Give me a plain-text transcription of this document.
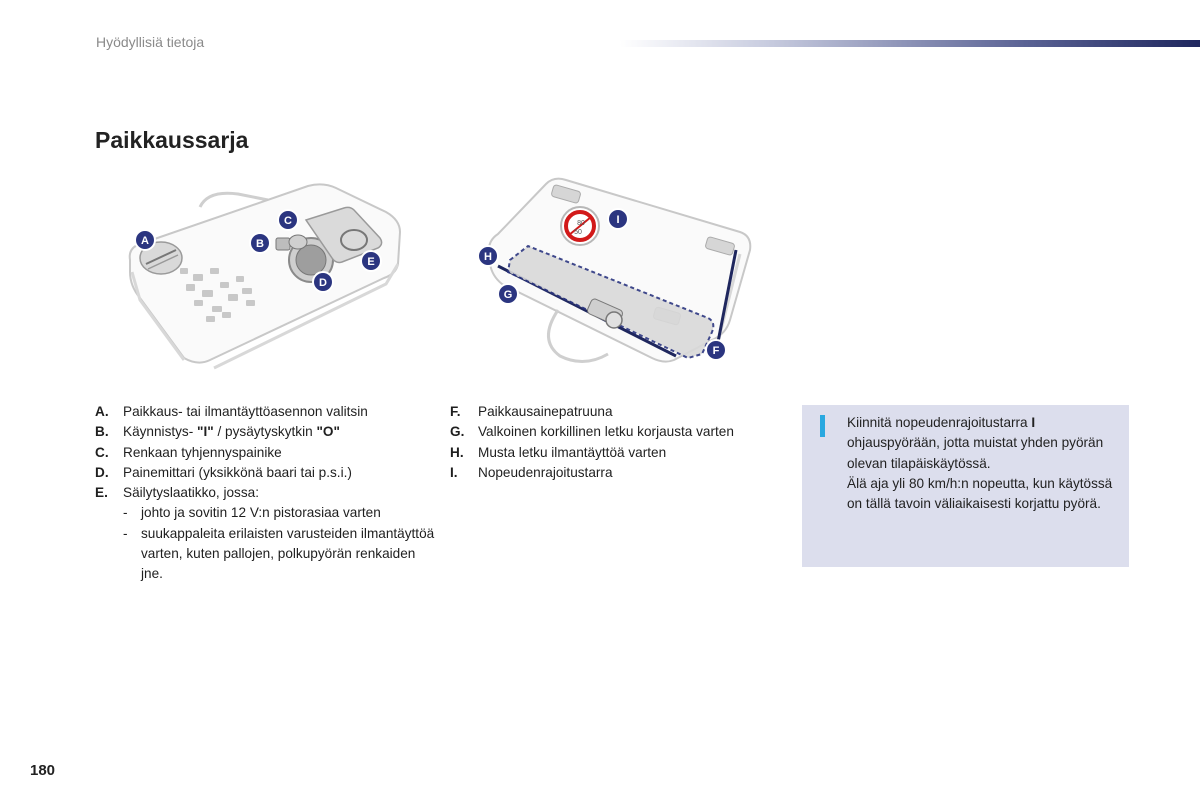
Hyödyllisiä tietoja
Paikkaussarja
A	B
C
D
E
80
50
I
H
G
F
A. Paikkaus- tai ilmantäyttöasennon valitsin
B. Käynnistys- "I" / pysäytyskytkin "O"
C. Renkaan tyhjennyspainike
D. Painemittari (yksikkönä baari tai p.s.i.)
E. Säilytyslaatikko, jossa:
- johto ja sovitin 12 V:n pistorasiaa varten
- suukappaleita erilaisten varusteiden ilmantäyttöä varten, kuten pallojen, polkupyörän renkaiden jne.
F. Paikkausainepatruuna
G. Valkoinen korkillinen letku korjausta varten
H. Musta letku ilmantäyttöä varten
I. Nopeudenrajoitustarra
Kiinnitä nopeudenrajoitustarra I ohjauspyörään, jotta muistat yhden pyörän olevan tilapäiskäytössä.
Älä aja yli 80 km/h:n nopeutta, kun käytössä on tällä tavoin väliaikaisesti korjattu pyörä.
180
